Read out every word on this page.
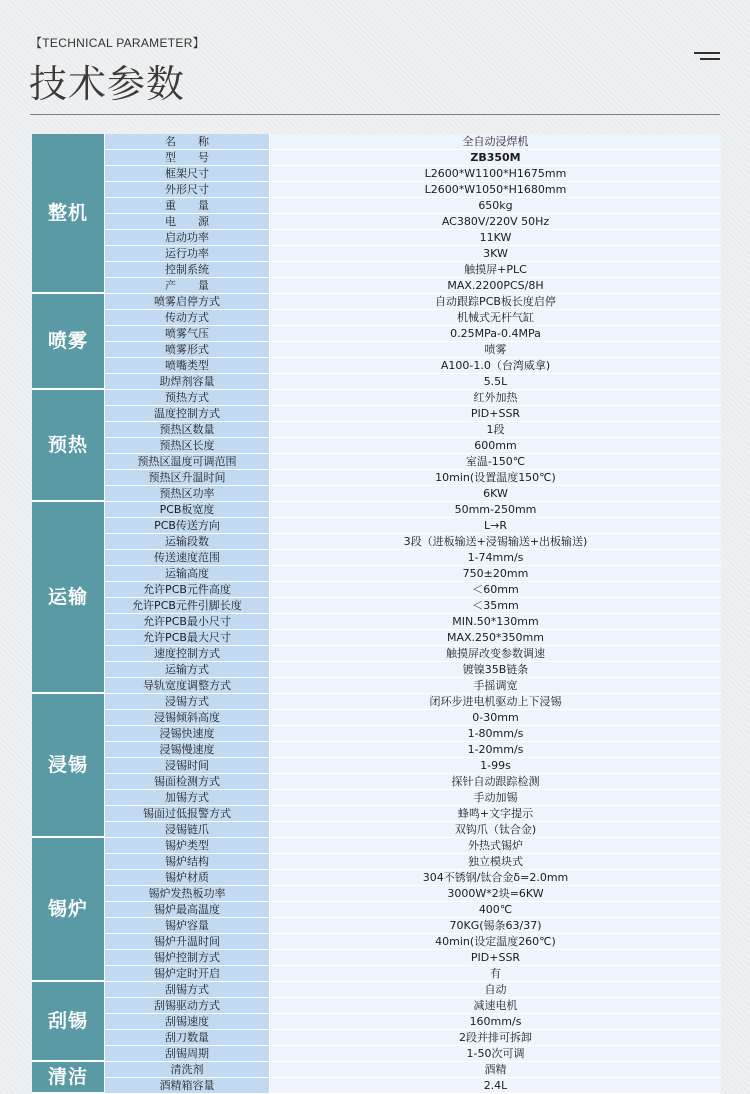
【TECHNICAL PARAMETER】
技术参数
整机	名　　称	全自动浸焊机
	型　　号	ZB350M
	框架尺寸	L2600*W1100*H1675mm
	外形尺寸	L2600*W1050*H1680mm
	重　　量	650kg
	电　　源	AC380V/220V 50Hz
	启动功率	11KW
	运行功率	3KW
	控制系统	触摸屏+PLC
	产　　量	MAX.2200PCS/8H
喷雾	喷雾启停方式	自动跟踪PCB板长度启停
	传动方式	机械式无杆气缸
	喷雾气压	0.25MPa-0.4MPa
	喷雾形式	喷雾
	喷嘴类型	A100-1.0（台湾威拿)
	助焊剂容量	5.5L
预热	预热方式	红外加热
	温度控制方式	PID+SSR
	预热区数量	1段
	预热区长度	600mm
	预热区温度可调范围	室温-150℃
	预热区升温时间	10min(设置温度150℃)
	预热区功率	6KW
运输	PCB板宽度	50mm-250mm
	PCB传送方向	L→R
	运输段数	3段（进板输送+浸锡输送+出板输送)
	传送速度范围	1-74mm/s
	运输高度	750±20mm
	允许PCB元件高度	＜60mm
	允许PCB元件引脚长度	＜35mm
	允许PCB最小尺寸	MIN.50*130mm
	允许PCB最大尺寸	MAX.250*350mm
	速度控制方式	触摸屏改变参数调速
	运输方式	镀镍35B链条
	导轨宽度调整方式	手摇调宽
浸锡	浸锡方式	闭环步进电机驱动上下浸锡
	浸锡倾斜高度	0-30mm
	浸锡快速度	1-80mm/s
	浸锡慢速度	1-20mm/s
	浸锡时间	1-99s
	锡面检测方式	探针自动跟踪检测
	加锡方式	手动加锡
	锡面过低报警方式	蜂鸣+文字提示
	浸锡链爪	双钩爪（钛合金)
锡炉	锡炉类型	外热式锡炉
	锡炉结构	独立模块式
	锡炉材质	304不锈钢/钛合金δ=2.0mm
	锡炉发热板功率	3000W*2块=6KW
	锡炉最高温度	400℃
	锡炉容量	70KG(锡条63/37)
	锡炉升温时间	40min(设定温度260℃)
	锡炉控制方式	PID+SSR
	锡炉定时开启	有
刮锡	刮锡方式	自动
	刮锡驱动方式	减速电机
	刮锡速度	160mm/s
	刮刀数量	2段并排可拆卸
	刮锡周期	1-50次可调
清洁	清洗剂	酒精
	酒精箱容量	2.4L
